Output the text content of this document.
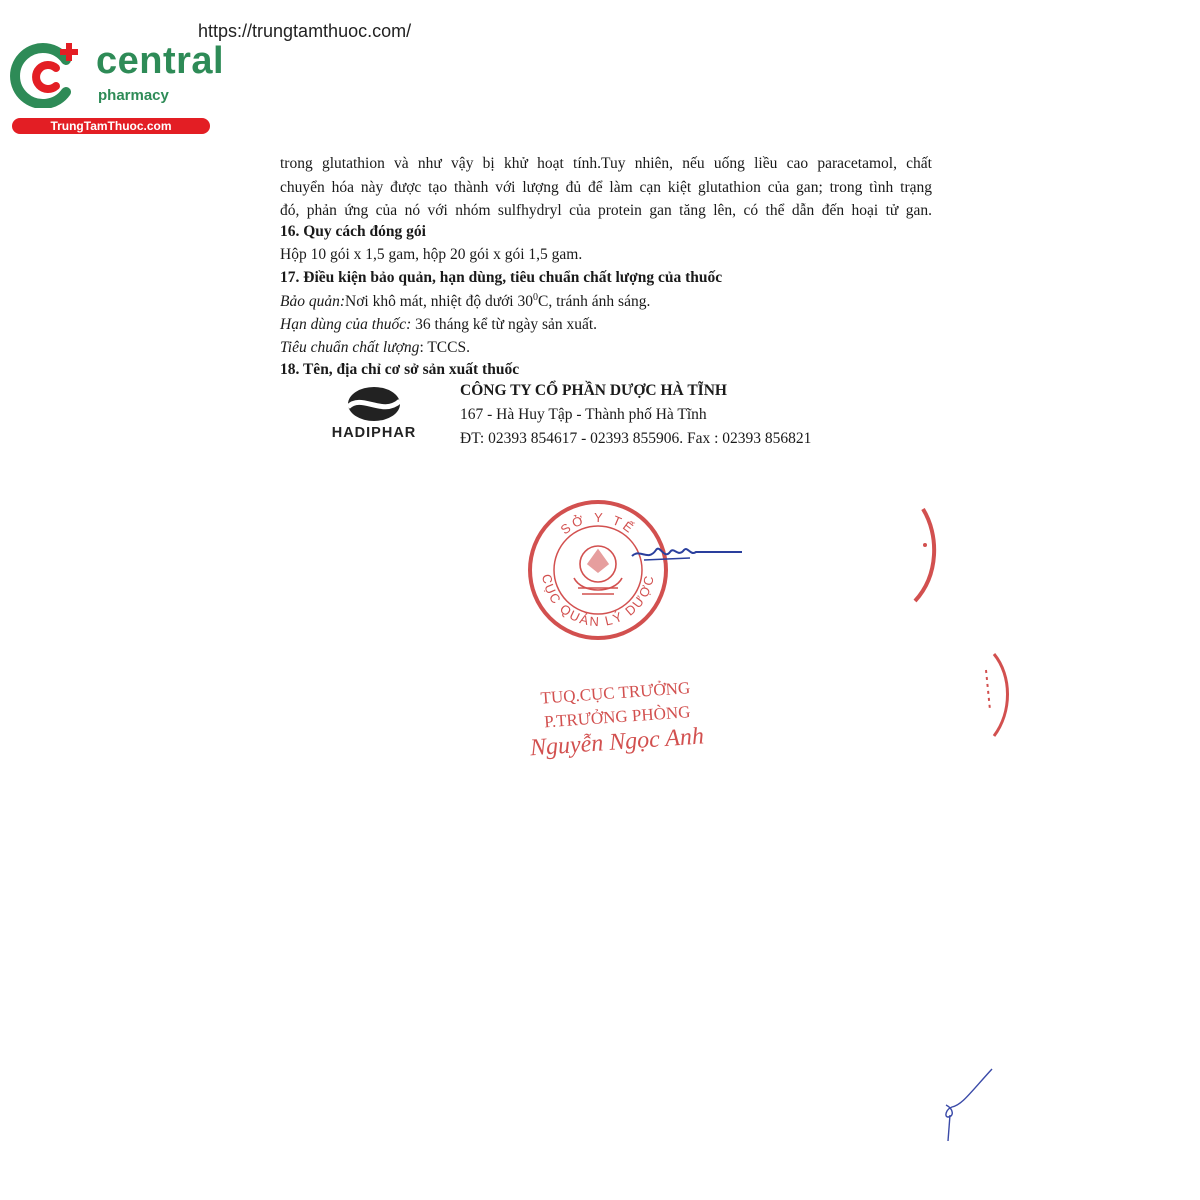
https://trungtamthuoc.com/
central
pharmacy
TrungTamThuoc.com
trong glutathion và như vậy bị khử hoạt tính.Tuy nhiên, nếu uống liều cao paracetamol, chất
chuyển hóa này được tạo thành với lượng đủ để làm cạn kiệt glutathion của gan; trong tình trạng
đó, phản ứng của nó với nhóm sulfhydryl của protein gan tăng lên, có thể dẫn đến hoại tử gan.
16. Quy cách đóng gói
Hộp 10 gói x 1,5 gam, hộp 20 gói x gói 1,5 gam.
17. Điều kiện bảo quản, hạn dùng, tiêu chuẩn chất lượng của thuốc
Bảo quản:Nơi khô mát, nhiệt độ dưới $30^0C$, tránh ánh sáng.
Hạn dùng của thuốc: 36 tháng kể từ ngày sản xuất.
Tiêu chuẩn chất lượng: TCCS.
18. Tên, địa chỉ cơ sở sản xuất thuốc
HADIPHAR
CÔNG TY CỔ PHẦN DƯỢC HÀ TĨNH
167 - Hà Huy Tập - Thành phố Hà Tĩnh
ĐT: 02393 854617 - 02393 855906. Fax : 02393 856821
SỞ Y TẾ
CỤC QUẢN LÝ DƯỢC
TUQ.CỤC TRƯỞNG
P.TRƯỞNG PHÒNG
Nguyễn Ngọc Anh
